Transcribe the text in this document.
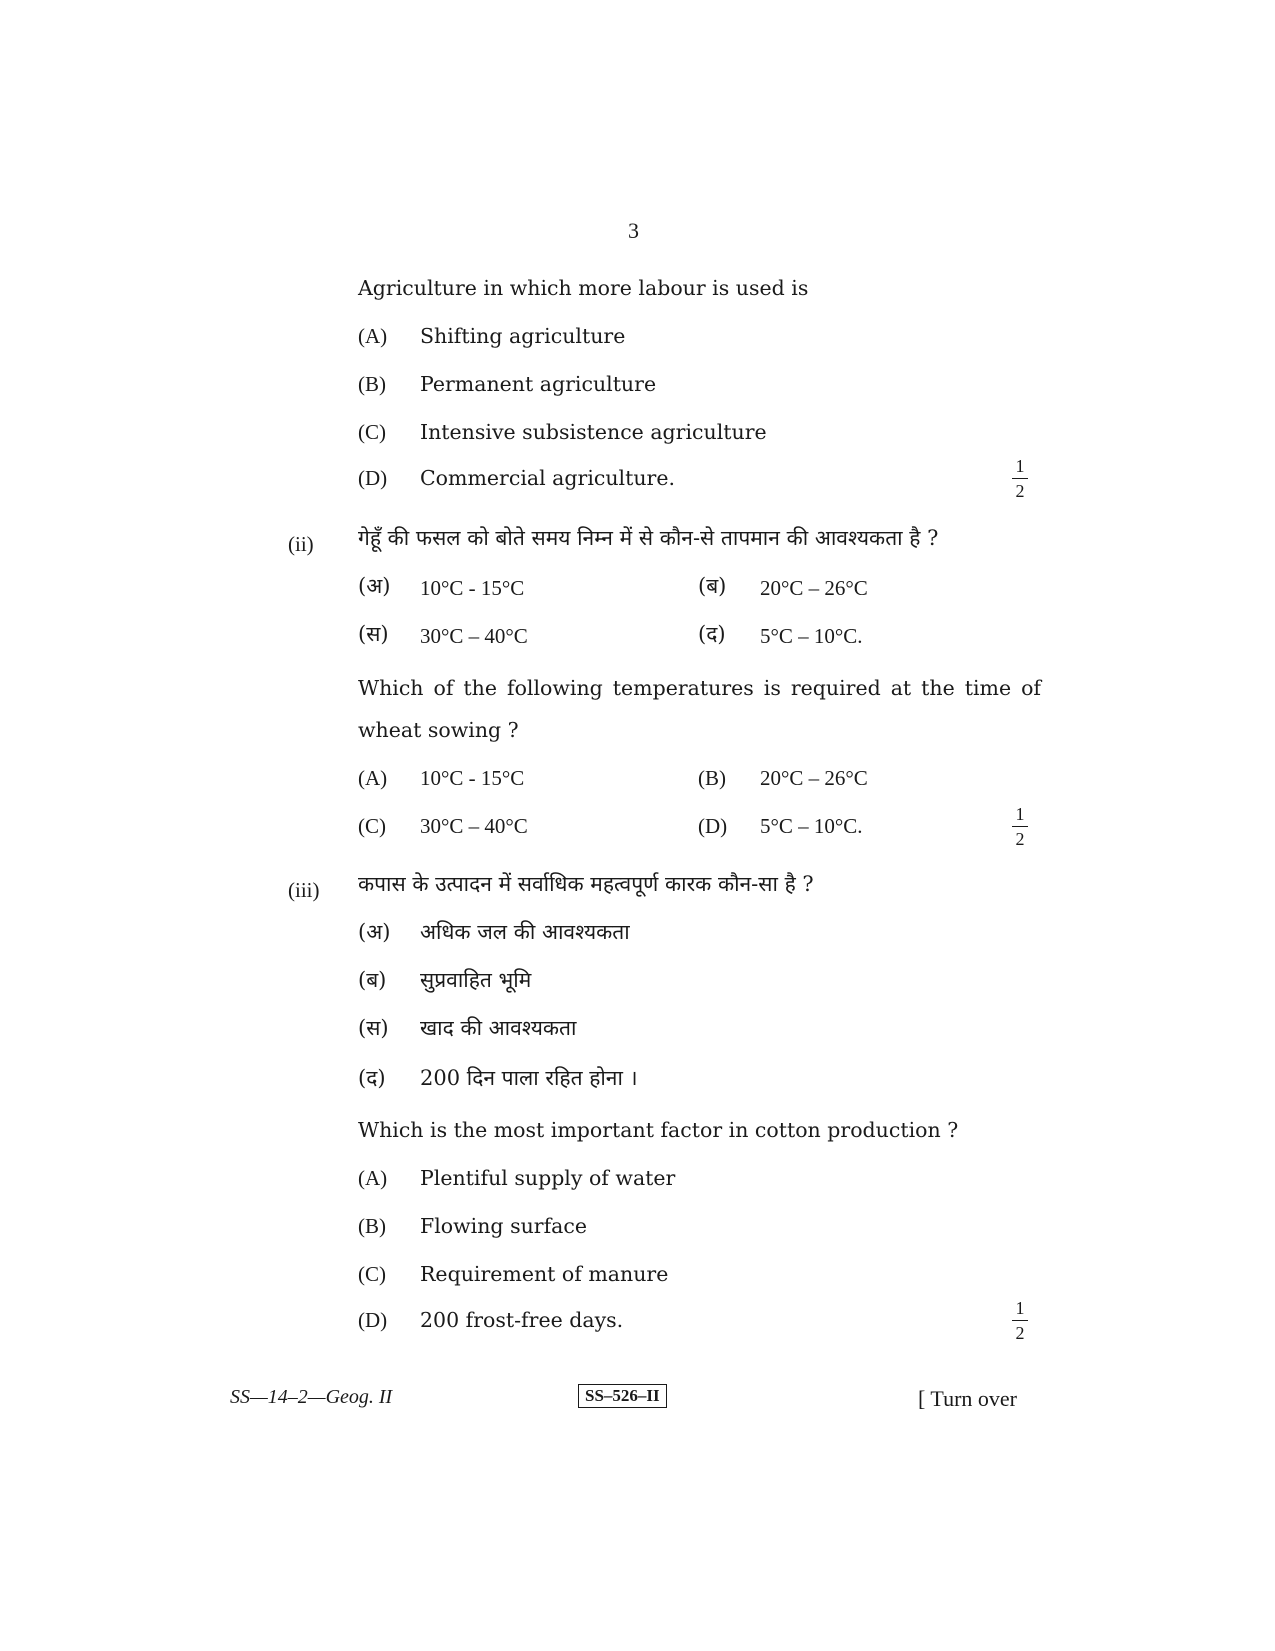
3
Agriculture in which more labour is used is
(A) Shifting agriculture
(B) Permanent agriculture
(C) Intensive subsistence agriculture
(D) Commercial agriculture.	1
2
(ii) गेहूँ की फसल को बोते समय निम्न में से कौन-से तापमान की आवश्यकता है ?
(अ) 10°C - 15°C	(ब) 20°C – 26°C
(स) 30°C – 40°C	(द) 5°C – 10°C.
Which of the following temperatures is required at the time of
wheat sowing ?
(A) 10°C - 15°C	(B) 20°C – 26°C
(C) 30°C – 40°C	(D) 5°C – 10°C.	1
2
(iii) कपास के उत्पादन में सर्वाधिक महत्वपूर्ण कारक कौन-सा है ?
(अ) अधिक जल की आवश्यकता
(ब) सुप्रवाहित भूमि
(स) खाद की आवश्यकता
(द) 200 दिन पाला रहित होना ।
Which is the most important factor in cotton production ?
(A) Plentiful supply of water
(B) Flowing surface
(C) Requirement of manure
(D) 200 frost-free days.	1
2
SS—14–2—Geog. II	SS–526–II	[ Turn over
